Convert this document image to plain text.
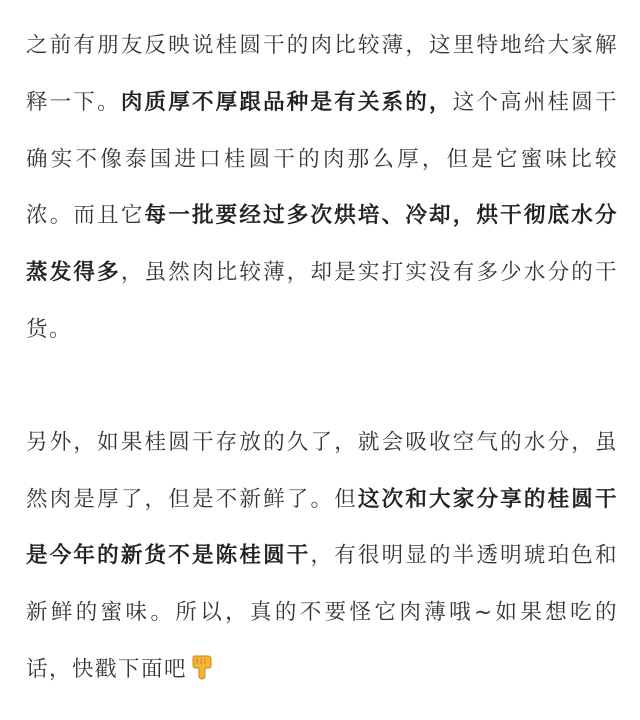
之前有朋友反映说桂圆干的肉比较薄，这里特地给大家解释一下。肉质厚不厚跟品种是有关系的，这个高州桂圆干确实不像泰国进口桂圆干的肉那么厚，但是它蜜味比较浓。而且它每一批要经过多次烘培、冷却，烘干彻底水分蒸发得多，虽然肉比较薄，却是实打实没有多少水分的干货。

另外，如果桂圆干存放的久了，就会吸收空气的水分，虽然肉是厚了，但是不新鲜了。但这次和大家分享的桂圆干是今年的新货不是陈桂圆干，有很明显的半透明琥珀色和新鲜的蜜味。所以，真的不要怪它肉薄哦~如果想吃的话，快戳下面吧
